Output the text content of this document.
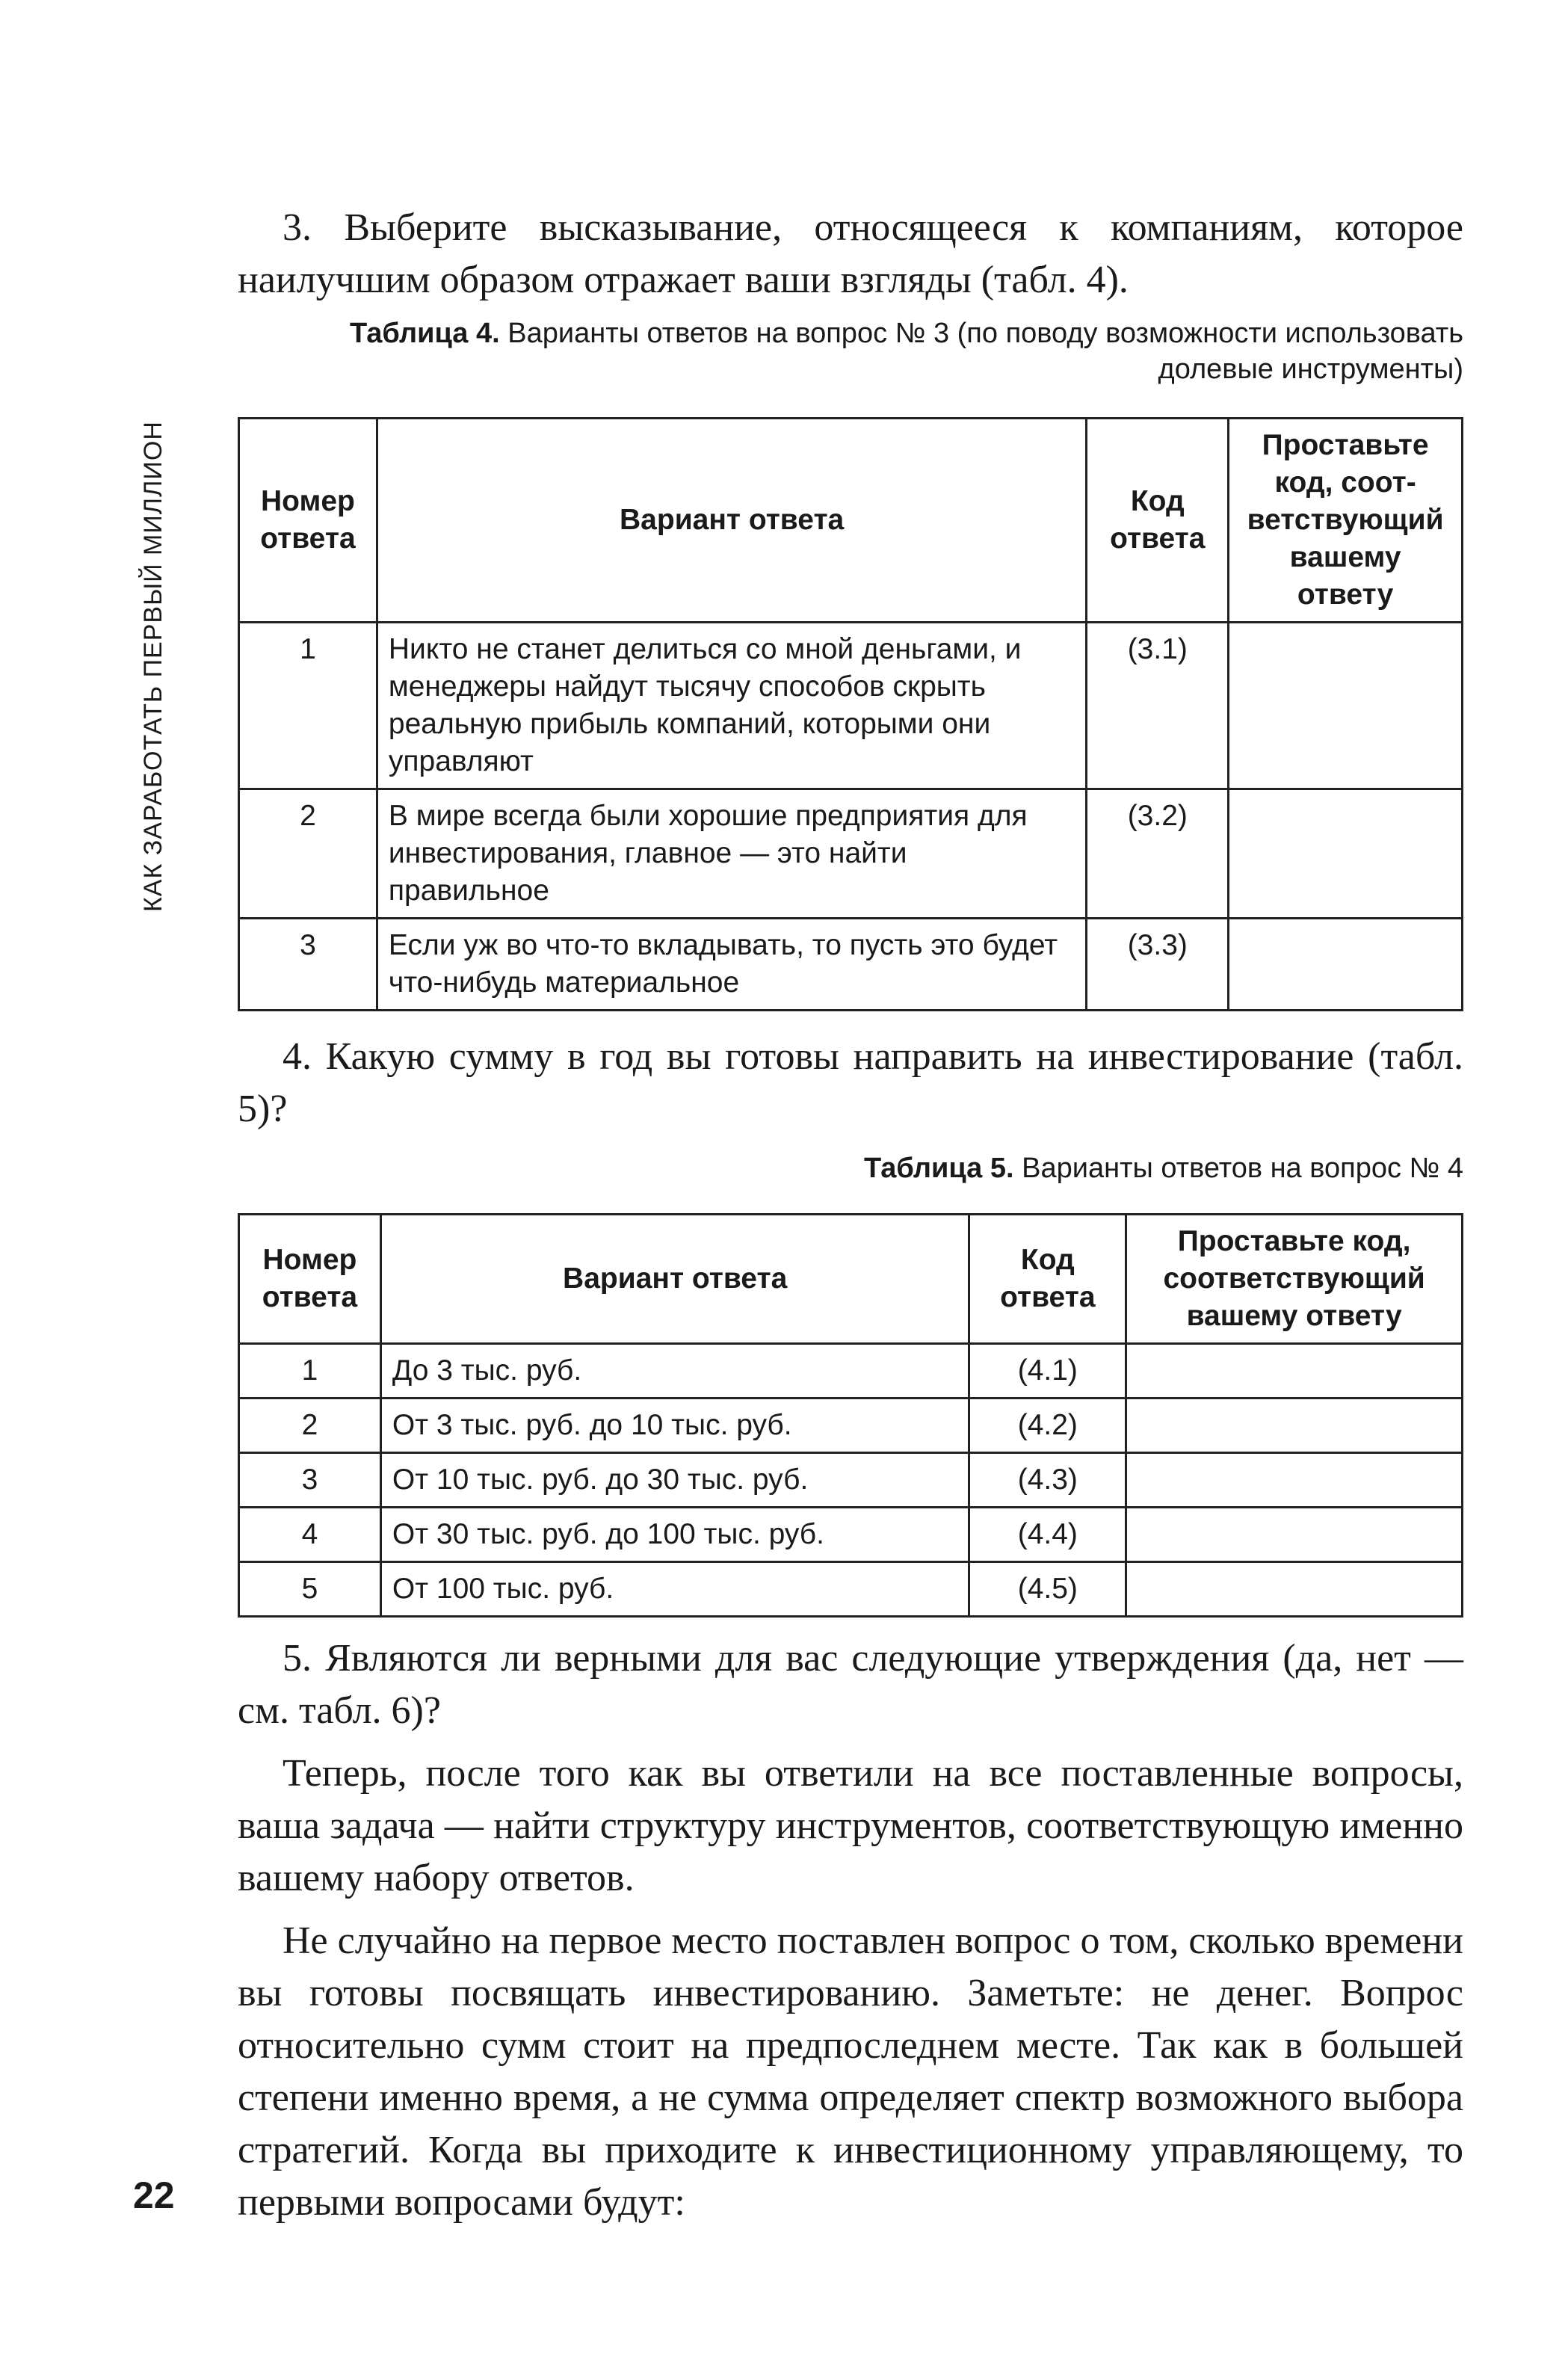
КАК ЗАРАБОТАТЬ ПЕРВЫЙ МИЛЛИОН

3. Выберите высказывание, относящееся к компаниям, которое наилучшим образом отражает ваши взгляды (табл. 4).

Таблица 4. Варианты ответов на вопрос № 3 (по поводу возможности использовать долевые инструменты)

Номер ответа	Вариант ответа	Код ответа	Проставьте код, соответствующий вашему ответу
1	Никто не станет делиться со мной деньгами, и менеджеры найдут тысячу способов скрыть реальную прибыль компаний, которыми они управляют	(3.1)	
2	В мире всегда были хорошие предприятия для инвестирования, главное — это найти правильное	(3.2)	
3	Если уж во что-то вкладывать, то пусть это будет что-нибудь материальное	(3.3)	

4. Какую сумму в год вы готовы направить на инвестирование (табл. 5)?

Таблица 5. Варианты ответов на вопрос № 4

Номер ответа	Вариант ответа	Код ответа	Проставьте код, соответствующий вашему ответу
1	До 3 тыс. руб.	(4.1)	
2	От 3 тыс. руб. до 10 тыс. руб.	(4.2)	
3	От 10 тыс. руб. до 30 тыс. руб.	(4.3)	
4	От 30 тыс. руб. до 100 тыс. руб.	(4.4)	
5	От 100 тыс. руб.	(4.5)	

5. Являются ли верными для вас следующие утверждения (да, нет — см. табл. 6)?

Теперь, после того как вы ответили на все поставленные вопросы, ваша задача — найти структуру инструментов, соответствующую именно вашему набору ответов.

Не случайно на первое место поставлен вопрос о том, сколько времени вы готовы посвящать инвестированию. Заметьте: не денег. Вопрос относительно сумм стоит на предпоследнем месте. Так как в большей степени именно время, а не сумма определяет спектр возможного выбора стратегий. Когда вы приходите к инвестиционному управляющему, то первыми вопросами будут:

22
